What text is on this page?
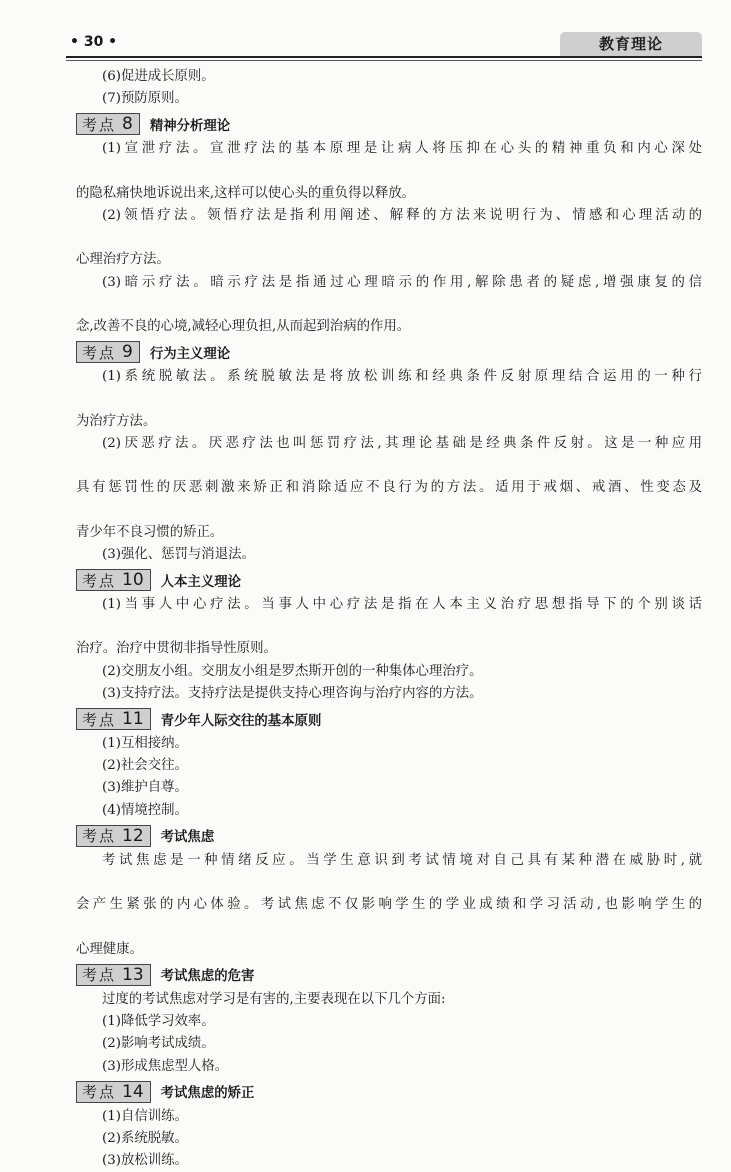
• 30 •	教育理论
(6)促进成长原则。
(7)预防原则。
考点 8 精神分析理论
(1)宣泄疗法。宣泄疗法的基本原理是让病人将压抑在心头的精神重负和内心深处
的隐私痛快地诉说出来,这样可以使心头的重负得以释放。
(2)领悟疗法。领悟疗法是指利用阐述、解释的方法来说明行为、情感和心理活动的
心理治疗方法。
(3)暗示疗法。暗示疗法是指通过心理暗示的作用,解除患者的疑虑,增强康复的信
念,改善不良的心境,减轻心理负担,从而起到治病的作用。
考点 9 行为主义理论
(1)系统脱敏法。系统脱敏法是将放松训练和经典条件反射原理结合运用的一种行
为治疗方法。
(2)厌恶疗法。厌恶疗法也叫惩罚疗法,其理论基础是经典条件反射。这是一种应用
具有惩罚性的厌恶刺激来矫正和消除适应不良行为的方法。适用于戒烟、戒酒、性变态及
青少年不良习惯的矫正。
(3)强化、惩罚与消退法。
考点 10 人本主义理论
(1)当事人中心疗法。当事人中心疗法是指在人本主义治疗思想指导下的个别谈话
治疗。治疗中贯彻非指导性原则。
(2)交朋友小组。交朋友小组是罗杰斯开创的一种集体心理治疗。
(3)支持疗法。支持疗法是提供支持心理咨询与治疗内容的方法。
考点 11 青少年人际交往的基本原则
(1)互相接纳。
(2)社会交往。
(3)维护自尊。
(4)情境控制。
考点 12 考试焦虑
考试焦虑是一种情绪反应。当学生意识到考试情境对自己具有某种潜在威胁时,就
会产生紧张的内心体验。考试焦虑不仅影响学生的学业成绩和学习活动,也影响学生的
心理健康。
考点 13 考试焦虑的危害
过度的考试焦虑对学习是有害的,主要表现在以下几个方面:
(1)降低学习效率。
(2)影响考试成绩。
(3)形成焦虑型人格。
考点 14 考试焦虑的矫正
(1)自信训练。
(2)系统脱敏。
(3)放松训练。
